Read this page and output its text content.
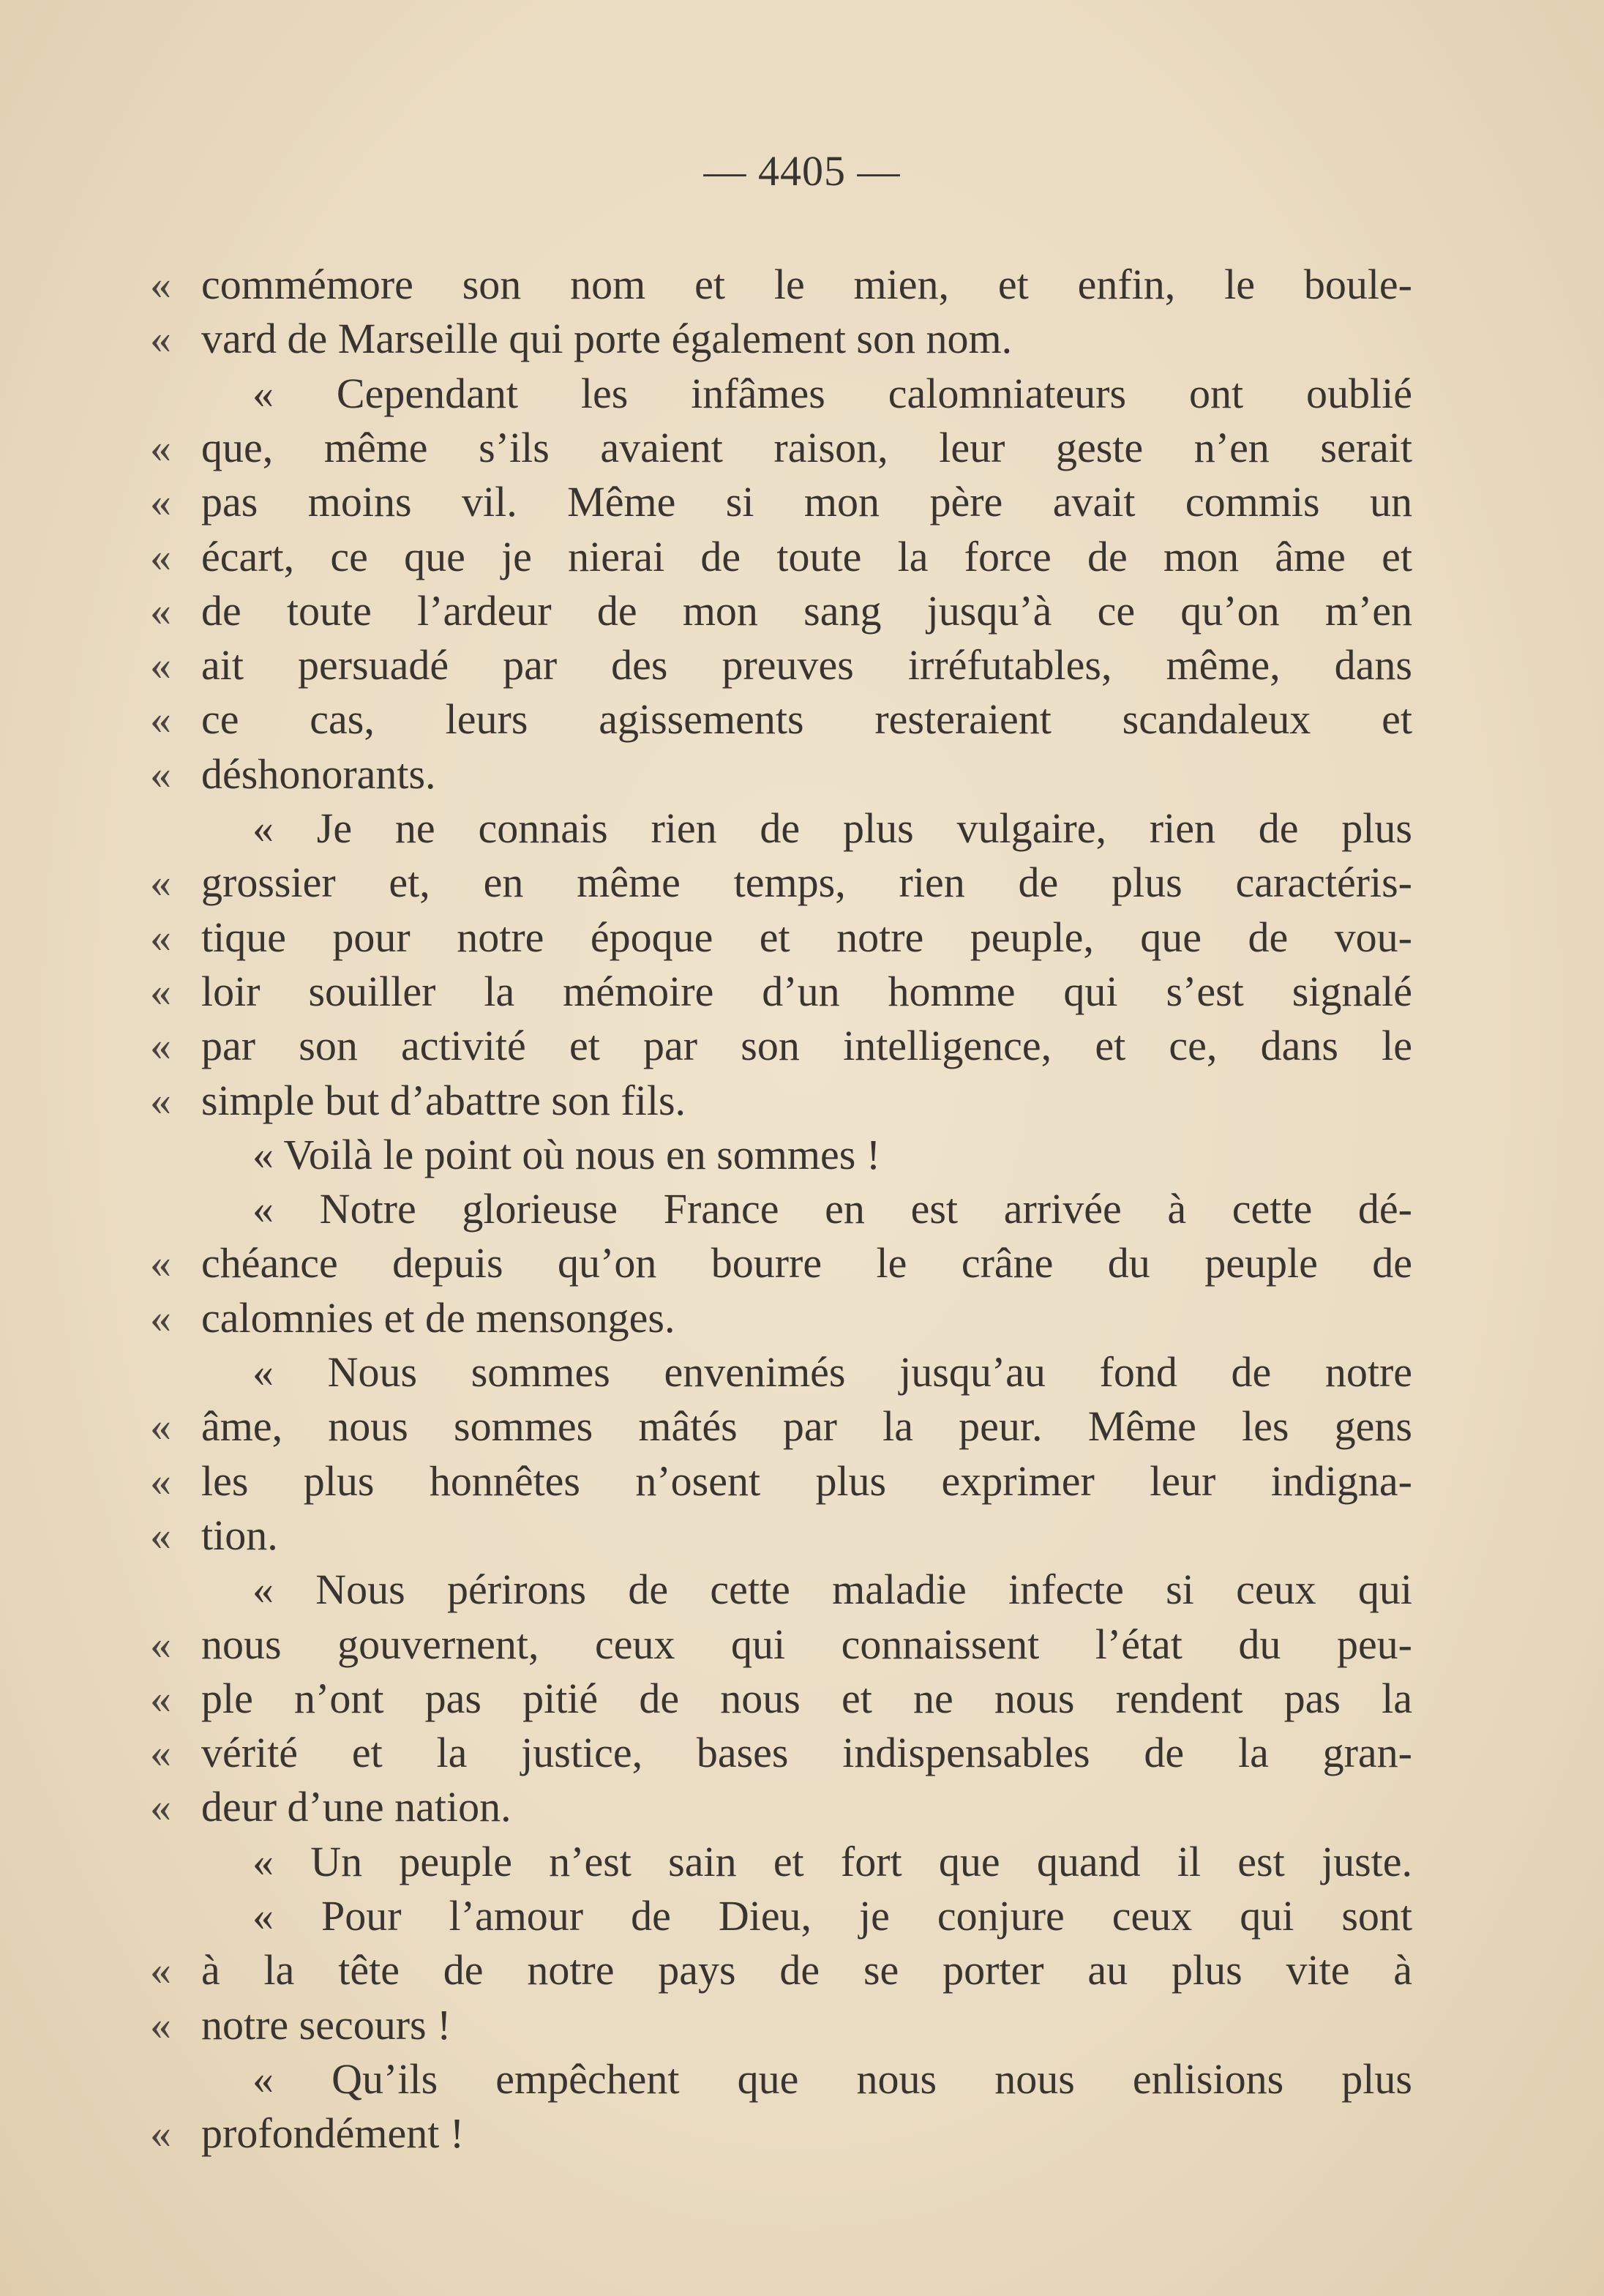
— 4405 —
« commémore son nom et le mien, et enfin, le boule-
« vard de Marseille qui porte également son nom.
« Cependant les infâmes calomniateurs ont oublié
« que, même s’ils avaient raison, leur geste n’en serait
« pas moins vil. Même si mon père avait commis un
« écart, ce que je nierai de toute la force de mon âme et
« de toute l’ardeur de mon sang jusqu’à ce qu’on m’en
« ait persuadé par des preuves irréfutables, même, dans
« ce cas, leurs agissements resteraient scandaleux et
« déshonorants.
« Je ne connais rien de plus vulgaire, rien de plus
« grossier et, en même temps, rien de plus caractéris-
« tique pour notre époque et notre peuple, que de vou-
« loir souiller la mémoire d’un homme qui s’est signalé
« par son activité et par son intelligence, et ce, dans le
« simple but d’abattre son fils.
« Voilà le point où nous en sommes !
« Notre glorieuse France en est arrivée à cette dé-
« chéance depuis qu’on bourre le crâne du peuple de
« calomnies et de mensonges.
« Nous sommes envenimés jusqu’au fond de notre
« âme, nous sommes mâtés par la peur. Même les gens
« les plus honnêtes n’osent plus exprimer leur indigna-
« tion.
« Nous périrons de cette maladie infecte si ceux qui
« nous gouvernent, ceux qui connaissent l’état du peu-
« ple n’ont pas pitié de nous et ne nous rendent pas la
« vérité et la justice, bases indispensables de la gran-
« deur d’une nation.
« Un peuple n’est sain et fort que quand il est juste.
« Pour l’amour de Dieu, je conjure ceux qui sont
« à la tête de notre pays de se porter au plus vite à
« notre secours !
« Qu’ils empêchent que nous nous enlisions plus
« profondément !
